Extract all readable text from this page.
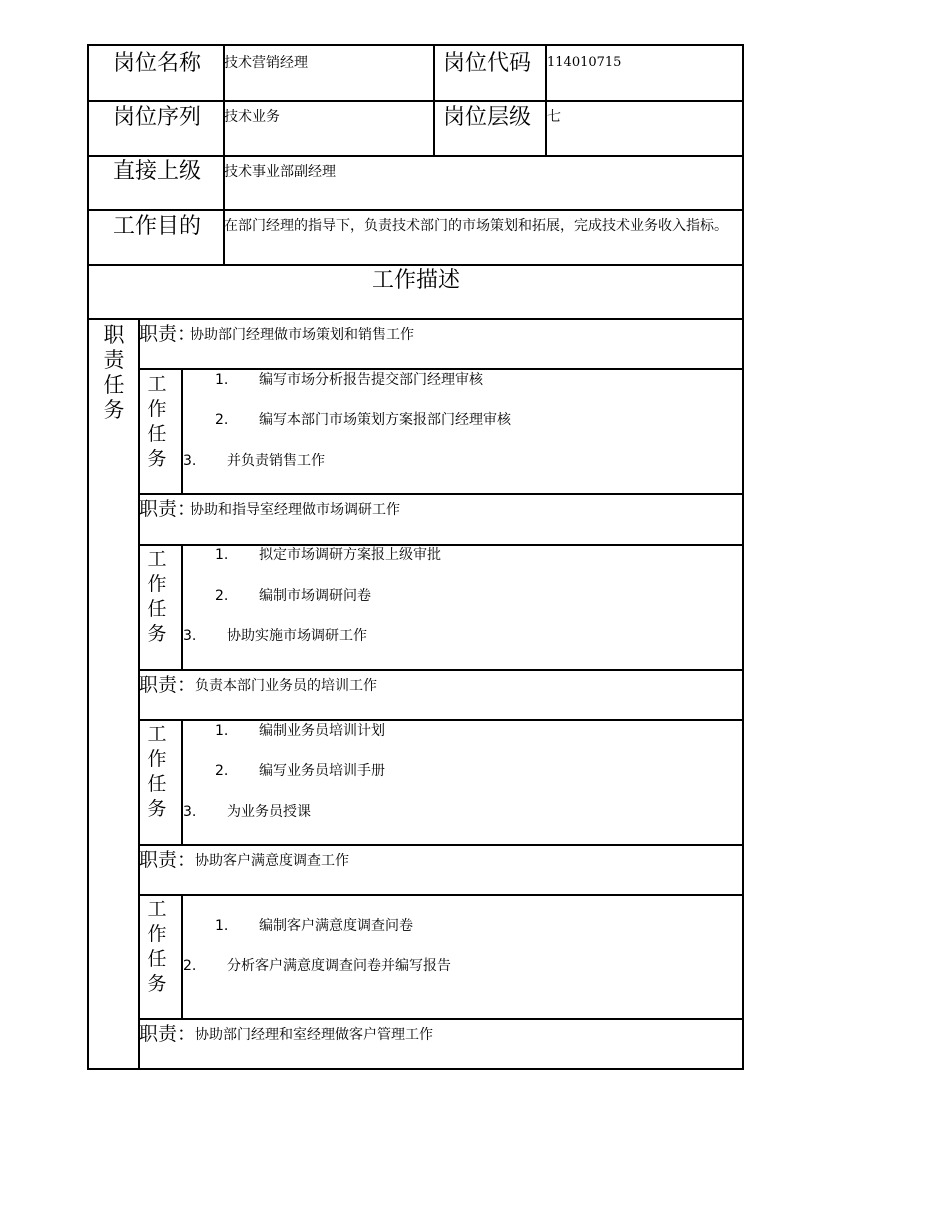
岗位名称 技术营销经理	岗位代码 114010715
岗位序列 技术业务	岗位层级 七
直接上级 技术事业部副经理
工作目的 在部门经理的指导下，负责技术部门的市场策划和拓展，完成技术业务收入指标。
工作描述
职
责
任
务
职责：
协助部门经理做市场策划和销售工作
工
作
任
务
1. 编写市场分析报告提交部门经理审核
2. 编写本部门市场策划方案报部门经理审核
3. 并负责销售工作
职责：
协助和指导室经理做市场调研工作
工
作
任
务
1. 拟定市场调研方案报上级审批
2. 编制市场调研问卷
3. 协助实施市场调研工作
职责：
负责本部门业务员的培训工作
工
作
任
务
1. 编制业务员培训计划
2. 编写业务员培训手册
3. 为业务员授课
职责：
协助客户满意度调查工作
工
作
任
务
1. 编制客户满意度调查问卷
2. 分析客户满意度调查问卷并编写报告
职责：
协助部门经理和室经理做客户管理工作
